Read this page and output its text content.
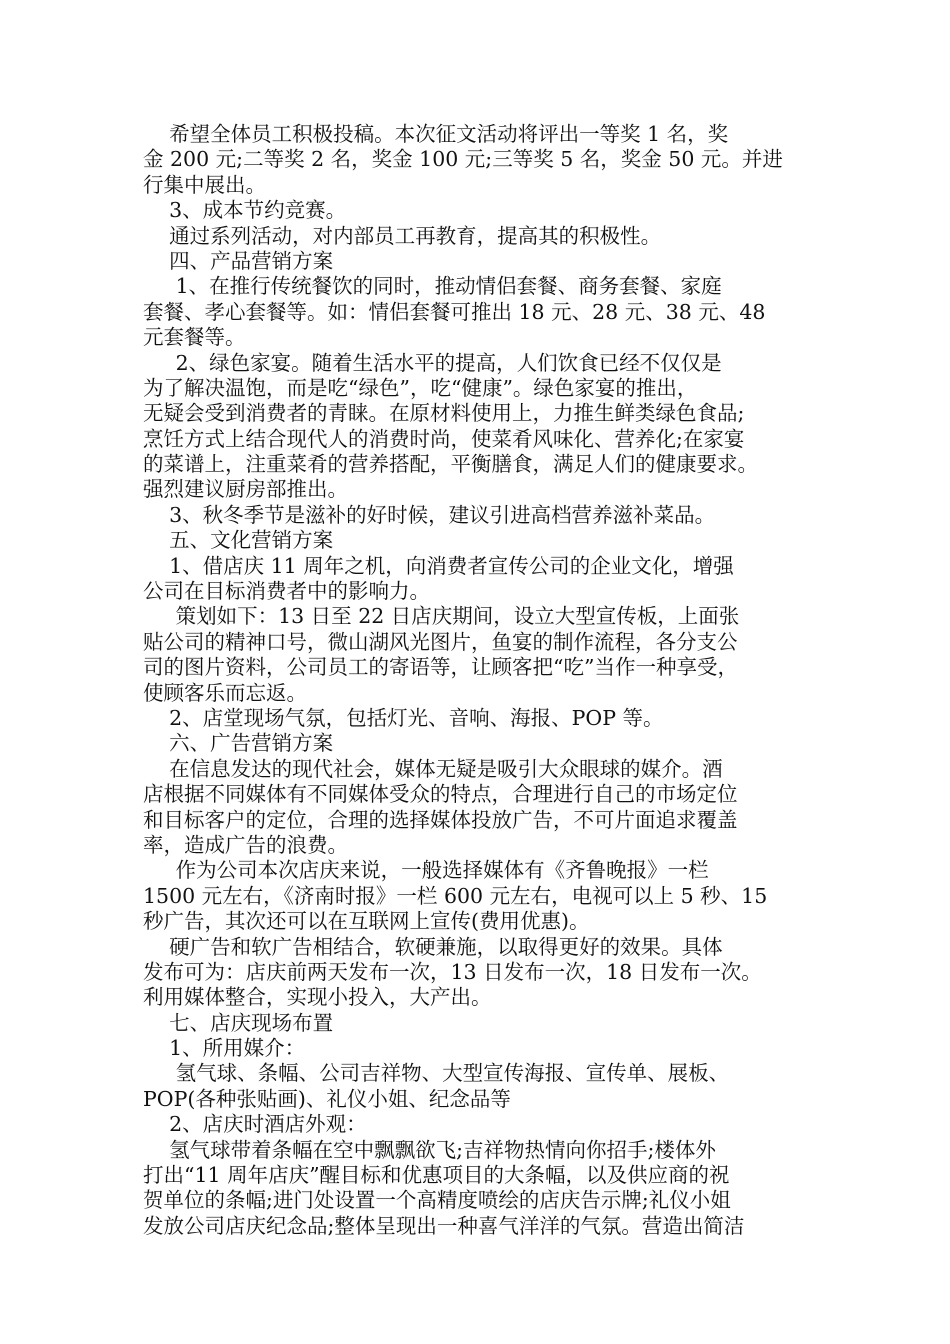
希望全体员工积极投稿。本次征文活动将评出一等奖 1 名，奖
金 200 元;二等奖 2 名，奖金 100 元;三等奖 5 名，奖金 50 元。并进
行集中展出。
3、成本节约竞赛。
通过系列活动，对内部员工再教育，提高其的积极性。
四、产品营销方案
1、在推行传统餐饮的同时，推动情侣套餐、商务套餐、家庭
套餐、孝心套餐等。如：情侣套餐可推出 18 元、28 元、38 元、48
元套餐等。
2、绿色家宴。随着生活水平的提高，人们饮食已经不仅仅是
为了解决温饱，而是吃“绿色”，吃“健康”。绿色家宴的推出，
无疑会受到消费者的青睐。在原材料使用上，力推生鲜类绿色食品;
烹饪方式上结合现代人的消费时尚，使菜肴风味化、营养化;在家宴
的菜谱上，注重菜肴的营养搭配，平衡膳食，满足人们的健康要求。
强烈建议厨房部推出。
3、秋冬季节是滋补的好时候，建议引进高档营养滋补菜品。
五、文化营销方案
1、借店庆 11 周年之机，向消费者宣传公司的企业文化，增强
公司在目标消费者中的影响力。
策划如下：13 日至 22 日店庆期间，设立大型宣传板，上面张
贴公司的精神口号，微山湖风光图片，鱼宴的制作流程，各分支公
司的图片资料，公司员工的寄语等，让顾客把“吃”当作一种享受，
使顾客乐而忘返。
2、店堂现场气氛，包括灯光、音响、海报、POP 等。
六、广告营销方案
在信息发达的现代社会，媒体无疑是吸引大众眼球的媒介。酒
店根据不同媒体有不同媒体受众的特点，合理进行自己的市场定位
和目标客户的定位，合理的选择媒体投放广告，不可片面追求覆盖
率，造成广告的浪费。
作为公司本次店庆来说，一般选择媒体有《齐鲁晚报》一栏
1500 元左右，《济南时报》一栏 600 元左右，电视可以上 5 秒、15
秒广告，其次还可以在互联网上宣传(费用优惠)。
硬广告和软广告相结合，软硬兼施，以取得更好的效果。具体
发布可为：店庆前两天发布一次，13 日发布一次，18 日发布一次。
利用媒体整合，实现小投入，大产出。
七、店庆现场布置
1、所用媒介：
氢气球、条幅、公司吉祥物、大型宣传海报、宣传单、展板、
POP(各种张贴画)、礼仪小姐、纪念品等
2、店庆时酒店外观：
氢气球带着条幅在空中飘飘欲飞;吉祥物热情向你招手;楼体外
打出“11 周年店庆”醒目标和优惠项目的大条幅，以及供应商的祝
贺单位的条幅;进门处设置一个高精度喷绘的店庆告示牌;礼仪小姐
发放公司店庆纪念品;整体呈现出一种喜气洋洋的气氛。营造出简洁
